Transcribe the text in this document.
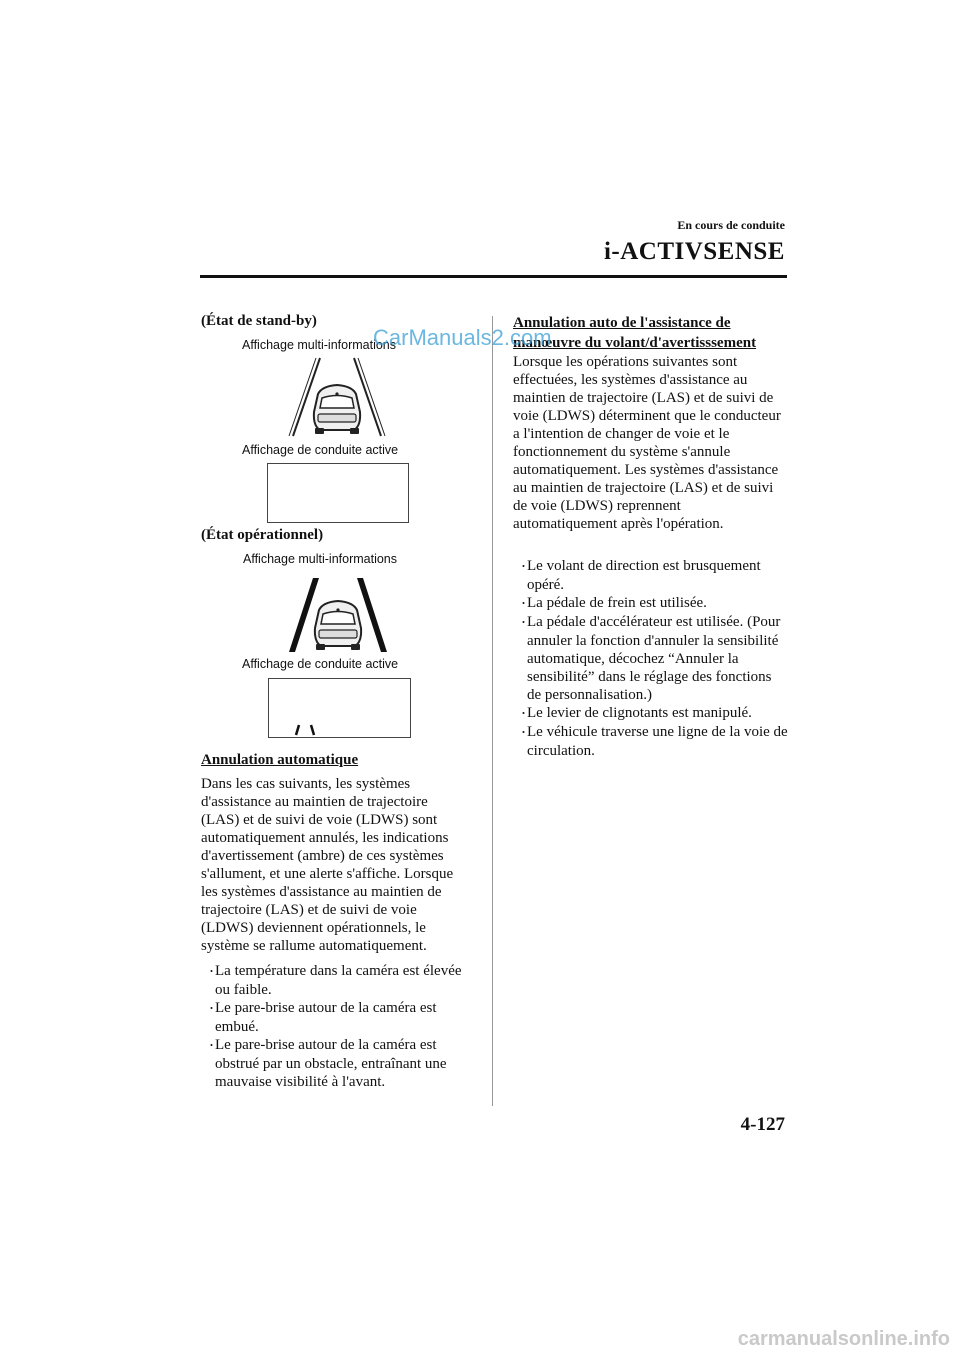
En cours de conduite
i-ACTIVSENSE
(État de stand-by)
Affichage multi-informations
Affichage de conduite active
(État opérationnel)
Affichage multi-informations
Affichage de conduite active
Annulation automatique
Dans les cas suivants, les systèmes d'assistance au maintien de trajectoire (LAS) et de suivi de voie (LDWS) sont automatiquement annulés, les indications d'avertissement (ambre) de ces systèmes s'allument, et une alerte s'affiche. Lorsque les systèmes d'assistance au maintien de trajectoire (LAS) et de suivi de voie (LDWS) deviennent opérationnels, le système se rallume automatiquement.
・ La température dans la caméra est élevée ou faible.
・ Le pare-brise autour de la caméra est embué.
・ Le pare-brise autour de la caméra est obstrué par un obstacle, entraînant une mauvaise visibilité à l'avant.
Annulation auto de l'assistance de manœuvre du volant/d'avertisssement
Lorsque les opérations suivantes sont effectuées, les systèmes d'assistance au maintien de trajectoire (LAS) et de suivi de voie (LDWS) déterminent que le conducteur a l'intention de changer de voie et le fonctionnement du système s'annule automatiquement. Les systèmes d'assistance au maintien de trajectoire (LAS) et de suivi de voie (LDWS) reprennent automatiquement après l'opération.
・ Le volant de direction est brusquement opéré.
・ La pédale de frein est utilisée.
・ La pédale d'accélérateur est utilisée. (Pour annuler la fonction d'annuler la sensibilité automatique, décochez “Annuler la sensibilité” dans le réglage des fonctions de personnalisation.)
・ Le levier de clignotants est manipulé.
・ Le véhicule traverse une ligne de la voie de circulation.
CarManuals2.com
4-127
carmanualsonline.info
